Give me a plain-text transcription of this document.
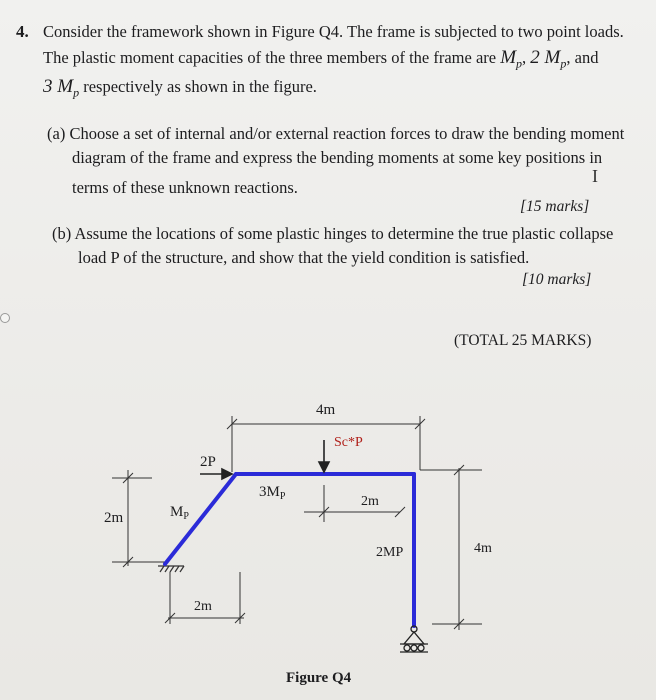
4. Consider the framework shown in Figure Q4. The frame is subjected to two point loads.
The plastic moment capacities of the three members of the frame are $M_p$, 2 $M_p$, and
3 $M_p$ respectively as shown in the figure.
(a) Choose a set of internal and/or external reaction forces to draw the bending moment
diagram of the frame and express the bending moments at some key positions in
terms of these unknown reactions.
I
[15 marks]
(b) Assume the locations of some plastic hinges to determine the true plastic collapse
load P of the structure, and show that the yield condition is satisfied.
[10 marks]
(TOTAL 25 MARKS)
4m
Sc*P
2P
2m	$M_P$
$3M_P$	2m
2MP	4m
2m
Figure Q4
